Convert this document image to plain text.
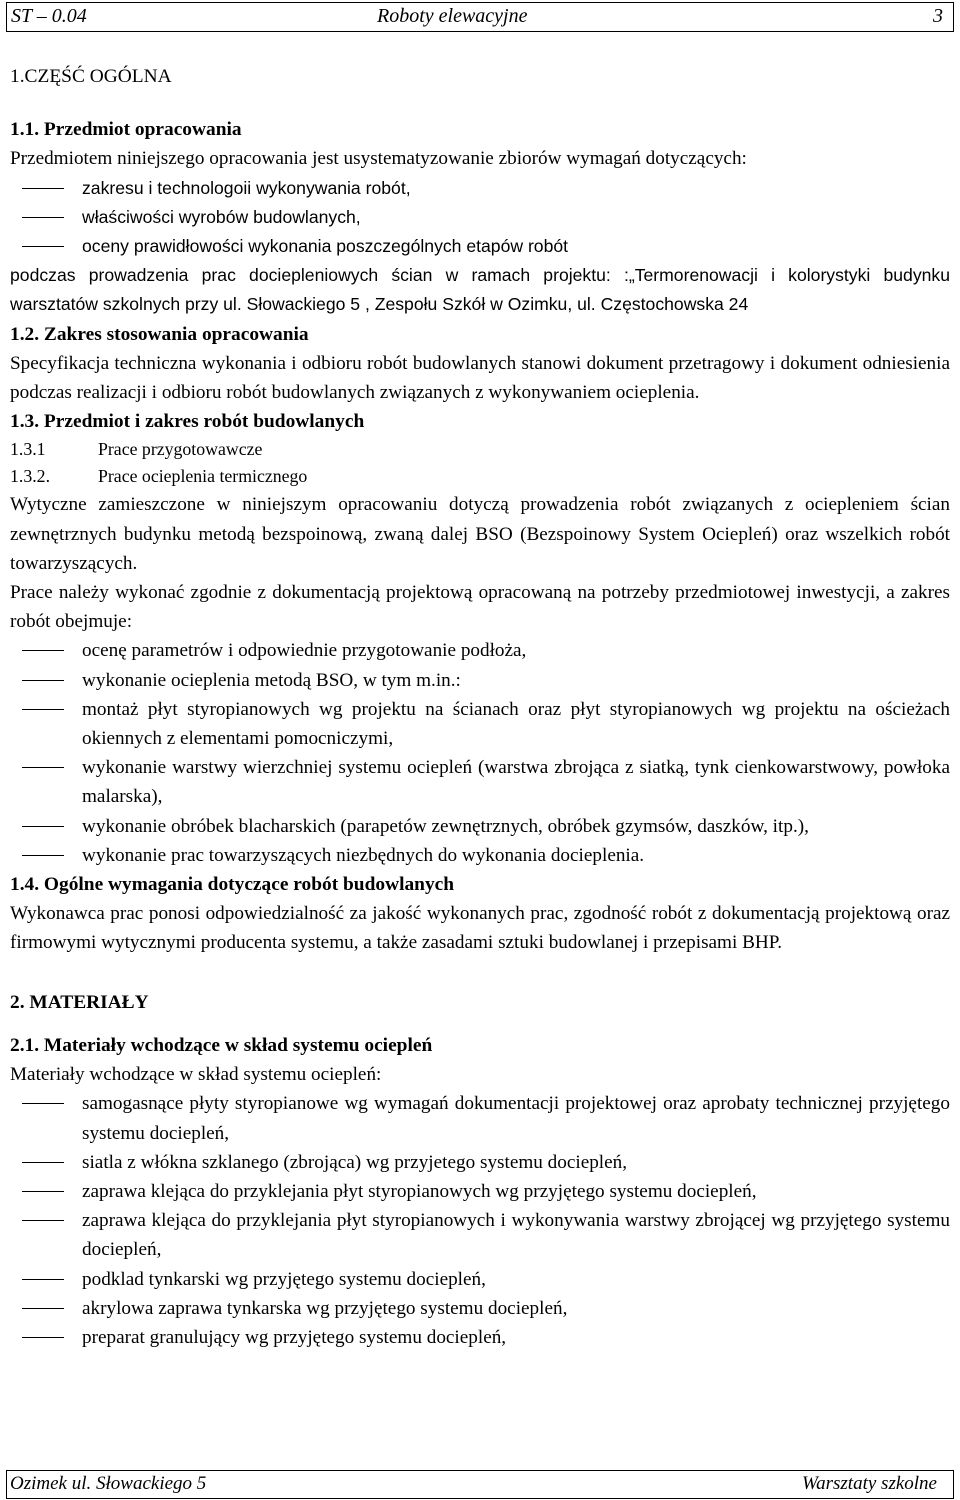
ST – 0.04	Roboty elewacyjne	3
1.CZĘŚĆ OGÓLNA
1.1. Przedmiot opracowania

Przedmiotem niniejszego opracowania jest usystematyzowanie zbiorów wymagań dotyczących:

zakresu i technologoii wykonywania robót,
właściwości wyrobów budowlanych,
oceny prawidłowości wykonania poszczególnych etapów robót

podczas prowadzenia prac dociepleniowych ścian w ramach projektu: :„Termorenowacji i kolorystyki budynku warsztatów szkolnych przy ul. Słowackiego 5 , Zespołu Szkół w Ozimku, ul. Częstochowska 24

1.2. Zakres stosowania opracowania

Specyfikacja techniczna wykonania i odbioru robót budowlanych stanowi dokument przetragowy i dokument odniesienia podczas realizacji i odbioru robót budowlanych związanych z wykonywaniem ocieplenia.

1.3. Przedmiot i zakres robót budowlanych
1.3.1	Prace przygotowawcze
1.3.2.	Prace ocieplenia termicznego

Wytyczne zamieszczone w niniejszym opracowaniu dotyczą prowadzenia robót związanych z ociepleniem ścian zewnętrznych budynku metodą bezspoinową, zwaną dalej BSO (Bezspoinowy System Ociepleń) oraz wszelkich robót towarzyszących.

Prace należy wykonać zgodnie z dokumentacją projektową opracowaną na potrzeby przedmiotowej inwestycji, a zakres robót obejmuje:

ocenę parametrów i odpowiednie przygotowanie podłoża,
wykonanie ocieplenia metodą BSO, w tym m.in.:
montaż płyt styropianowych wg projektu na ścianach oraz płyt styropianowych wg projektu na ościeżach okiennych z elementami pomocniczymi,
wykonanie warstwy wierzchniej systemu ociepleń (warstwa zbrojąca z siatką, tynk cienkowarstwowy, powłoka malarska),
wykonanie obróbek blacharskich (parapetów zewnętrznych, obróbek gzymsów, daszków, itp.),
wykonanie prac towarzyszących niezbędnych do wykonania docieplenia.
1.4. Ogólne wymagania dotyczące robót budowlanych

Wykonawca prac ponosi odpowiedzialność za jakość wykonanych prac, zgodność robót z dokumentacją projektową oraz firmowymi wytycznymi producenta systemu, a także zasadami sztuki budowlanej i przepisami BHP.

2. MATERIAŁY
2.1. Materiały wchodzące w skład systemu ociepleń

Materiały wchodzące w skład systemu ociepleń:

samogasnące płyty styropianowe wg wymagań dokumentacji projektowej oraz aprobaty technicznej przyjętego systemu dociepleń,
siatla z włókna szklanego (zbrojąca) wg przyjetego systemu dociepleń,
zaprawa klejąca do przyklejania płyt styropianowych wg przyjętego systemu dociepleń,
zaprawa klejąca do przyklejania płyt styropianowych i wykonywania warstwy zbrojącej wg przyjętego systemu dociepleń,
podklad tynkarski wg przyjętego systemu dociepleń,
akrylowa zaprawa tynkarska wg przyjętego systemu dociepleń,
preparat granulujący wg przyjętego systemu dociepleń,
Ozimek ul. Słowackiego 5	Warsztaty szkolne
